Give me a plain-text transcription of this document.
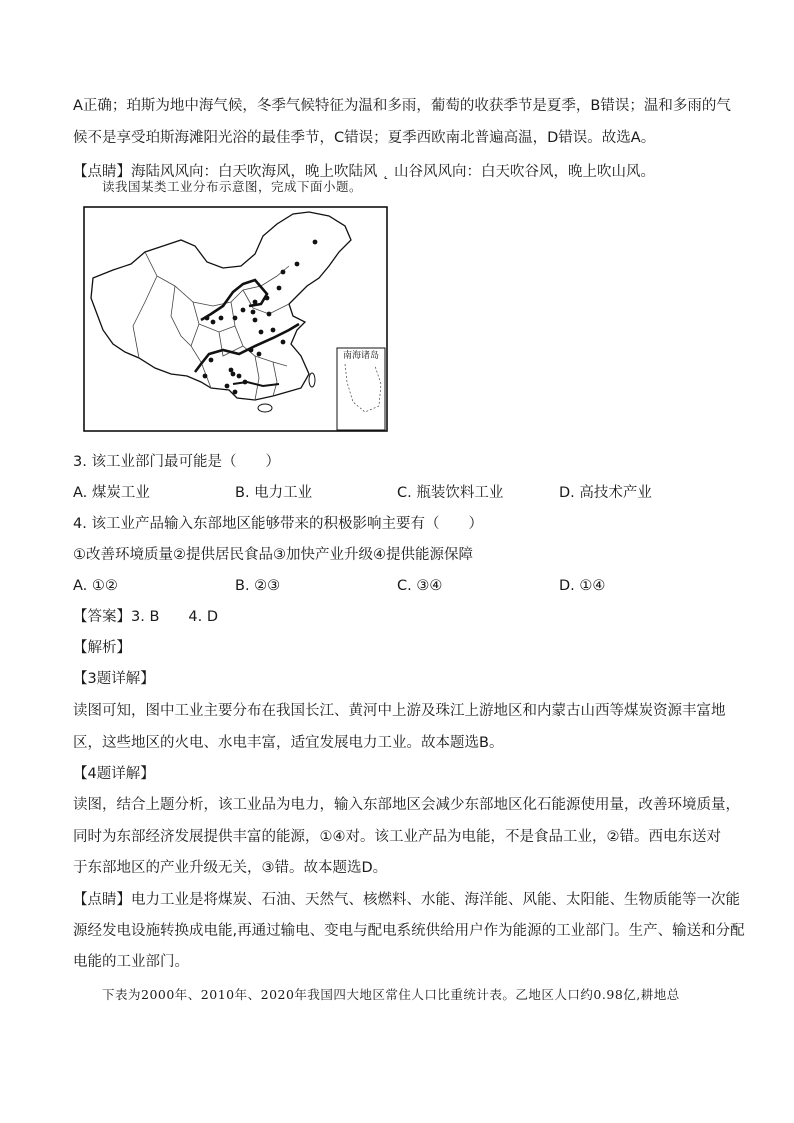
A正确；珀斯为地中海气候，冬季气候特征为温和多雨，葡萄的收获季节是夏季，B错误；温和多雨的气
候不是享受珀斯海滩阳光浴的最佳季节，C错误；夏季西欧南北普遍高温，D错误。故选A。
【点睛】海陆风风向：白天吹海风，晚上吹陆风 ˛ 山谷风风向：白天吹谷风，晚上吹山风。
读我国某类工业分布示意图，完成下面小题。
南海诸岛
3. 该工业部门最可能是（　　）
A. 煤炭工业	B. 电力工业	C. 瓶装饮料工业	D. 高技术产业
4. 该工业产品输入东部地区能够带来的积极影响主要有（　　）
①改善环境质量②提供居民食品③加快产业升级④提供能源保障
A. ①②	B. ②③	C. ③④	D. ①④
【答案】3. B　　4. D
【解析】
【3题详解】
读图可知，图中工业主要分布在我国长江、黄河中上游及珠江上游地区和内蒙古山西等煤炭资源丰富地
区，这些地区的火电、水电丰富，适宜发展电力工业。故本题选B。
【4题详解】
读图，结合上题分析，该工业品为电力，输入东部地区会减少东部地区化石能源使用量，改善环境质量，
同时为东部经济发展提供丰富的能源，①④对。该工业产品为电能，不是食品工业，②错。西电东送对
于东部地区的产业升级无关，③错。故本题选D。
【点睛】电力工业是将煤炭、石油、天然气、核燃料、水能、海洋能、风能、太阳能、生物质能等一次能
源经发电设施转换成电能,再通过输电、变电与配电系统供给用户作为能源的工业部门。生产、输送和分配
电能的工业部门。
下表为2000年、2010年、2020年我国四大地区常住人口比重统计表。乙地区人口约0.98亿,耕地总
